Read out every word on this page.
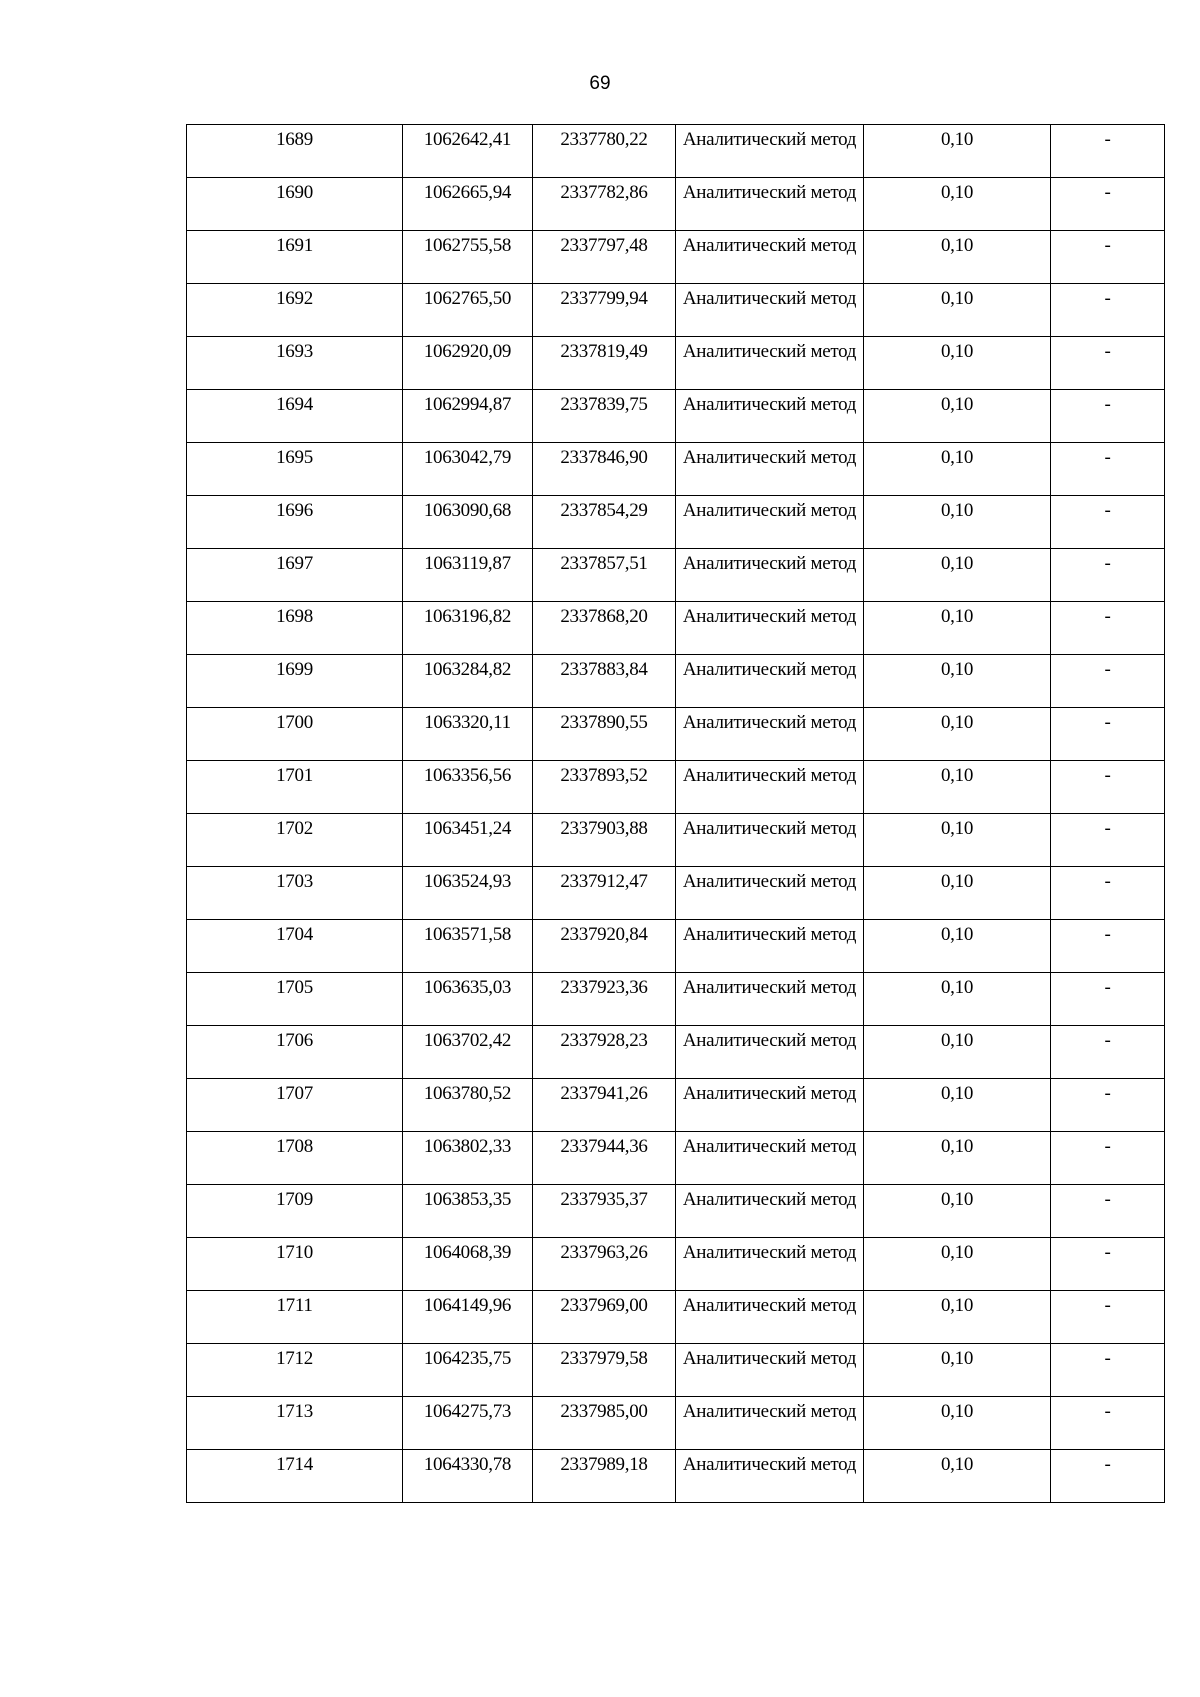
69
1689	1062642,41	2337780,22	Аналитический метод	0,10	-
1690	1062665,94	2337782,86	Аналитический метод	0,10	-
1691	1062755,58	2337797,48	Аналитический метод	0,10	-
1692	1062765,50	2337799,94	Аналитический метод	0,10	-
1693	1062920,09	2337819,49	Аналитический метод	0,10	-
1694	1062994,87	2337839,75	Аналитический метод	0,10	-
1695	1063042,79	2337846,90	Аналитический метод	0,10	-
1696	1063090,68	2337854,29	Аналитический метод	0,10	-
1697	1063119,87	2337857,51	Аналитический метод	0,10	-
1698	1063196,82	2337868,20	Аналитический метод	0,10	-
1699	1063284,82	2337883,84	Аналитический метод	0,10	-
1700	1063320,11	2337890,55	Аналитический метод	0,10	-
1701	1063356,56	2337893,52	Аналитический метод	0,10	-
1702	1063451,24	2337903,88	Аналитический метод	0,10	-
1703	1063524,93	2337912,47	Аналитический метод	0,10	-
1704	1063571,58	2337920,84	Аналитический метод	0,10	-
1705	1063635,03	2337923,36	Аналитический метод	0,10	-
1706	1063702,42	2337928,23	Аналитический метод	0,10	-
1707	1063780,52	2337941,26	Аналитический метод	0,10	-
1708	1063802,33	2337944,36	Аналитический метод	0,10	-
1709	1063853,35	2337935,37	Аналитический метод	0,10	-
1710	1064068,39	2337963,26	Аналитический метод	0,10	-
1711	1064149,96	2337969,00	Аналитический метод	0,10	-
1712	1064235,75	2337979,58	Аналитический метод	0,10	-
1713	1064275,73	2337985,00	Аналитический метод	0,10	-
1714	1064330,78	2337989,18	Аналитический метод	0,10	-
